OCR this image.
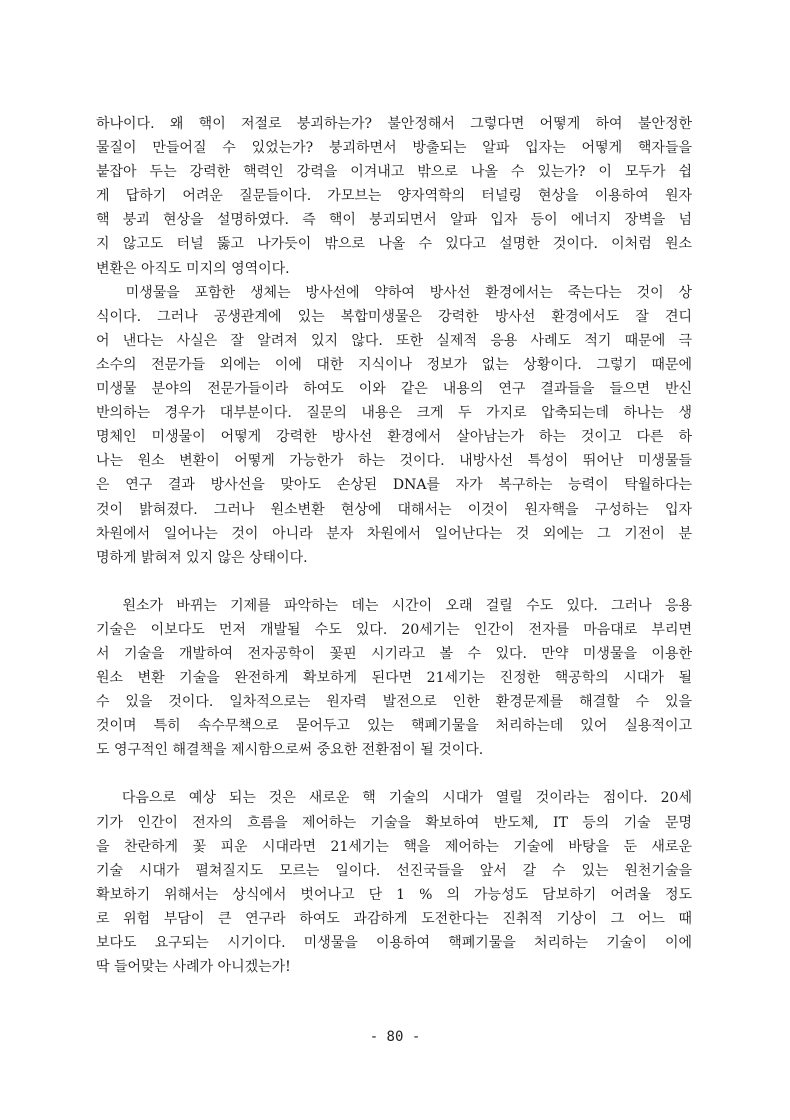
하나이다. 왜 핵이 저절로 붕괴하는가? 불안정해서 그렇다면 어떻게 하여 불안정한
물질이 만들어질 수 있었는가? 붕괴하면서 방출되는 알파 입자는 어떻게 핵자들을
붙잡아 두는 강력한 핵력인 강력을 이겨내고 밖으로 나올 수 있는가? 이 모두가 쉽
게 답하기 어려운 질문들이다. 가모브는 양자역학의 터널링 현상을 이용하여 원자
핵 붕괴 현상을 설명하였다. 즉 핵이 붕괴되면서 알파 입자 등이 에너지 장벽을 넘
지 않고도 터널 뚫고 나가듯이 밖으로 나올 수 있다고 설명한 것이다. 이처럼 원소
변환은 아직도 미지의 영역이다.

미생물을 포함한 생체는 방사선에 약하여 방사선 환경에서는 죽는다는 것이 상
식이다. 그러나 공생관계에 있는 복합미생물은 강력한 방사선 환경에서도 잘 견디
어 낸다는 사실은 잘 알려져 있지 않다. 또한 실제적 응용 사례도 적기 때문에 극
소수의 전문가들 외에는 이에 대한 지식이나 정보가 없는 상황이다. 그렇기 때문에
미생물 분야의 전문가들이라 하여도 이와 같은 내용의 연구 결과들을 들으면 반신
반의하는 경우가 대부분이다. 질문의 내용은 크게 두 가지로 압축되는데 하나는 생
명체인 미생물이 어떻게 강력한 방사선 환경에서 살아남는가 하는 것이고 다른 하
나는 원소 변환이 어떻게 가능한가 하는 것이다. 내방사선 특성이 뛰어난 미생물들
은 연구 결과 방사선을 맞아도 손상된 DNA를 자가 복구하는 능력이 탁월하다는
것이 밝혀졌다. 그러나 원소변환 현상에 대해서는 이것이 원자핵을 구성하는 입자
차원에서 일어나는 것이 아니라 분자 차원에서 일어난다는 것 외에는 그 기전이 분
명하게 밝혀져 있지 않은 상태이다.

원소가 바뀌는 기제를 파악하는 데는 시간이 오래 걸릴 수도 있다. 그러나 응용
기술은 이보다도 먼저 개발될 수도 있다. 20세기는 인간이 전자를 마음대로 부리면
서 기술을 개발하여 전자공학이 꽃핀 시기라고 볼 수 있다. 만약 미생물을 이용한
원소 변환 기술을 완전하게 확보하게 된다면 21세기는 진정한 핵공학의 시대가 될
수 있을 것이다. 일차적으로는 원자력 발전으로 인한 환경문제를 해결할 수 있을
것이며 특히 속수무책으로 묻어두고 있는 핵폐기물을 처리하는데 있어 실용적이고
도 영구적인 해결책을 제시함으로써 중요한 전환점이 될 것이다.

다음으로 예상 되는 것은 새로운 핵 기술의 시대가 열릴 것이라는 점이다. 20세
기가 인간이 전자의 흐름을 제어하는 기술을 확보하여 반도체, IT 등의 기술 문명
을 찬란하게 꽃 피운 시대라면 21세기는 핵을 제어하는 기술에 바탕을 둔 새로운
기술 시대가 펼쳐질지도 모르는 일이다. 선진국들을 앞서 갈 수 있는 원천기술을
확보하기 위해서는 상식에서 벗어나고 단 1 % 의 가능성도 담보하기 어려울 정도
로 위험 부담이 큰 연구라 하여도 과감하게 도전한다는 진취적 기상이 그 어느 때
보다도 요구되는 시기이다. 미생물을 이용하여 핵폐기물을 처리하는 기술이 이에
딱 들어맞는 사례가 아니겠는가!

- 80 -
